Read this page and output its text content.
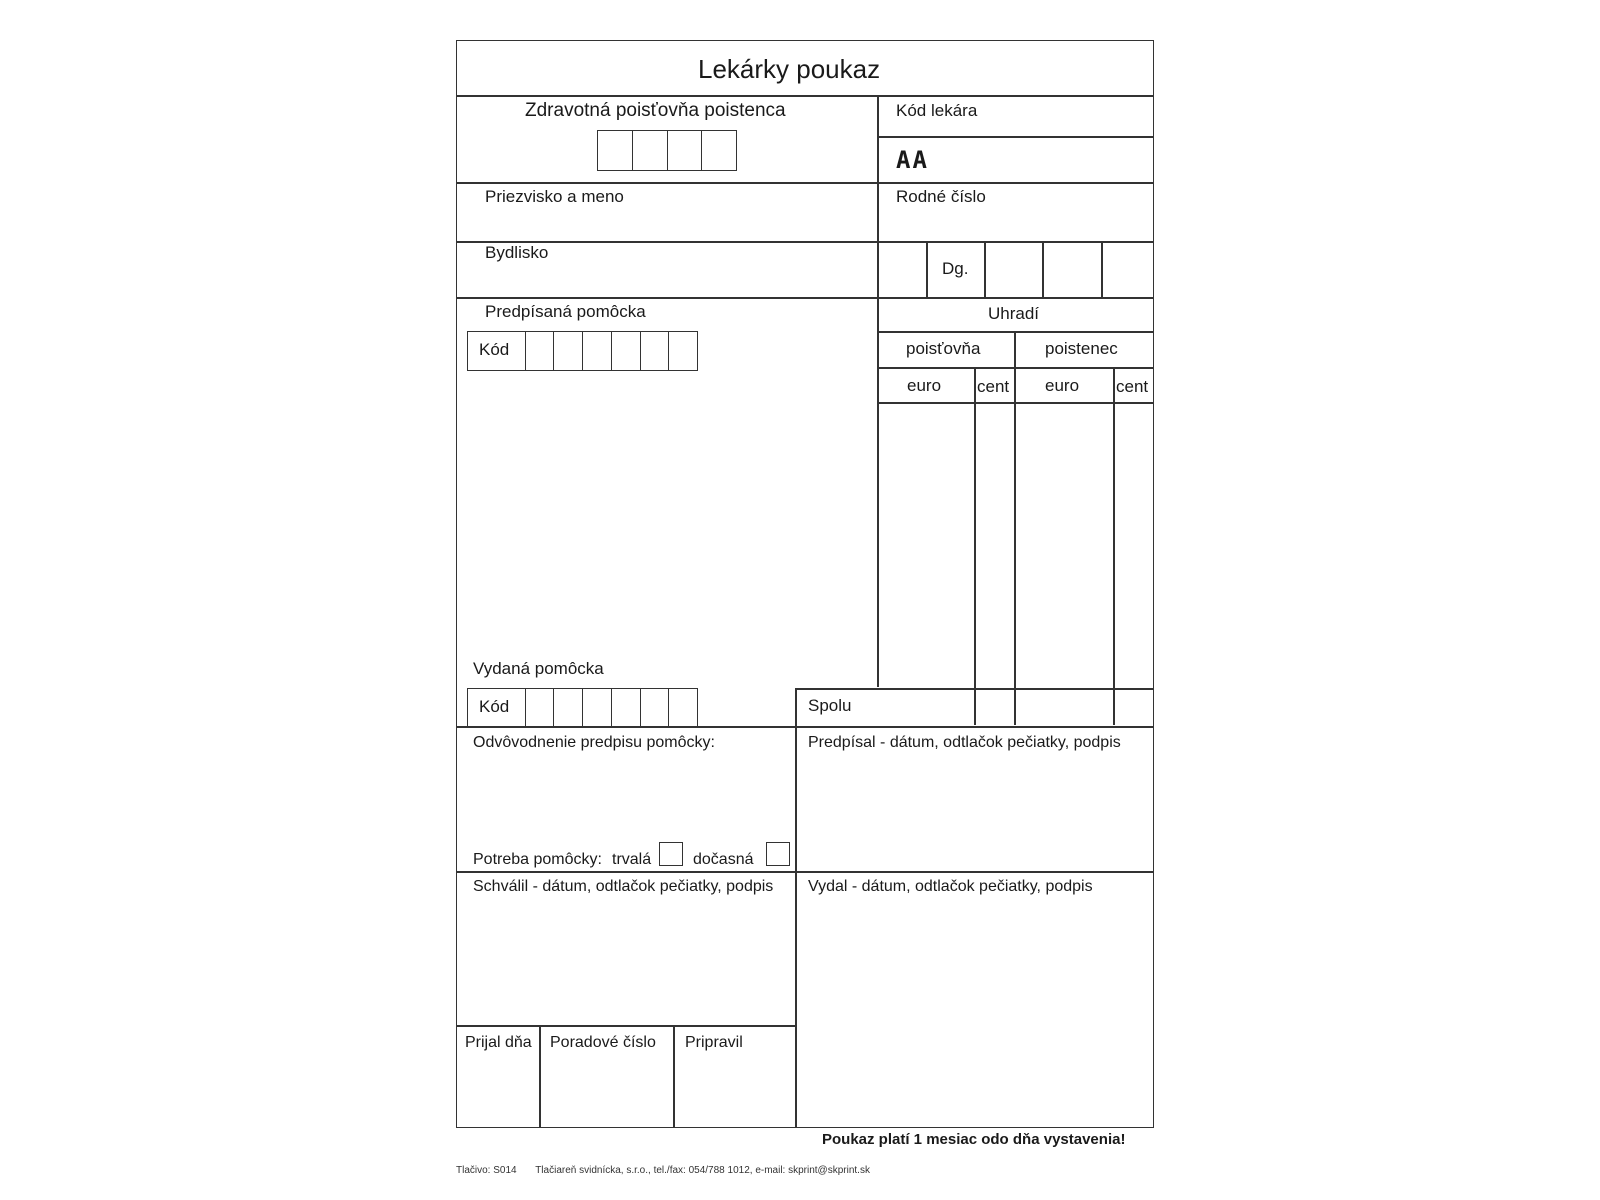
Lekárky poukaz
Zdravotná poisťovňa poistenca	Kód lekára
AA
Priezvisko a meno	Rodné číslo
Bydlisko
Dg.
Predpísaná pomôcka
Kód
Uhradí
poisťovňa	poistenec
euro cent euro cent
Vydaná pomôcka
Kód	Spolu
Odvôvodnenie predpisu pomôcky:	Predpísal - dátum, odtlačok pečiatky, podpis
Potreba pomôcky: trvalá	dočasná
Schválil - dátum, odtlačok pečiatky, podpis Vydal - dátum, odtlačok pečiatky, podpis
Prijal dňa Poradové číslo Pripravil
Poukaz platí 1 mesiac odo dňa vystavenia!
Tlačivo: S014 Tlačiareň svidnícka, s.r.o., tel./fax: 054/788 1012, e-mail: skprint@skprint.sk
